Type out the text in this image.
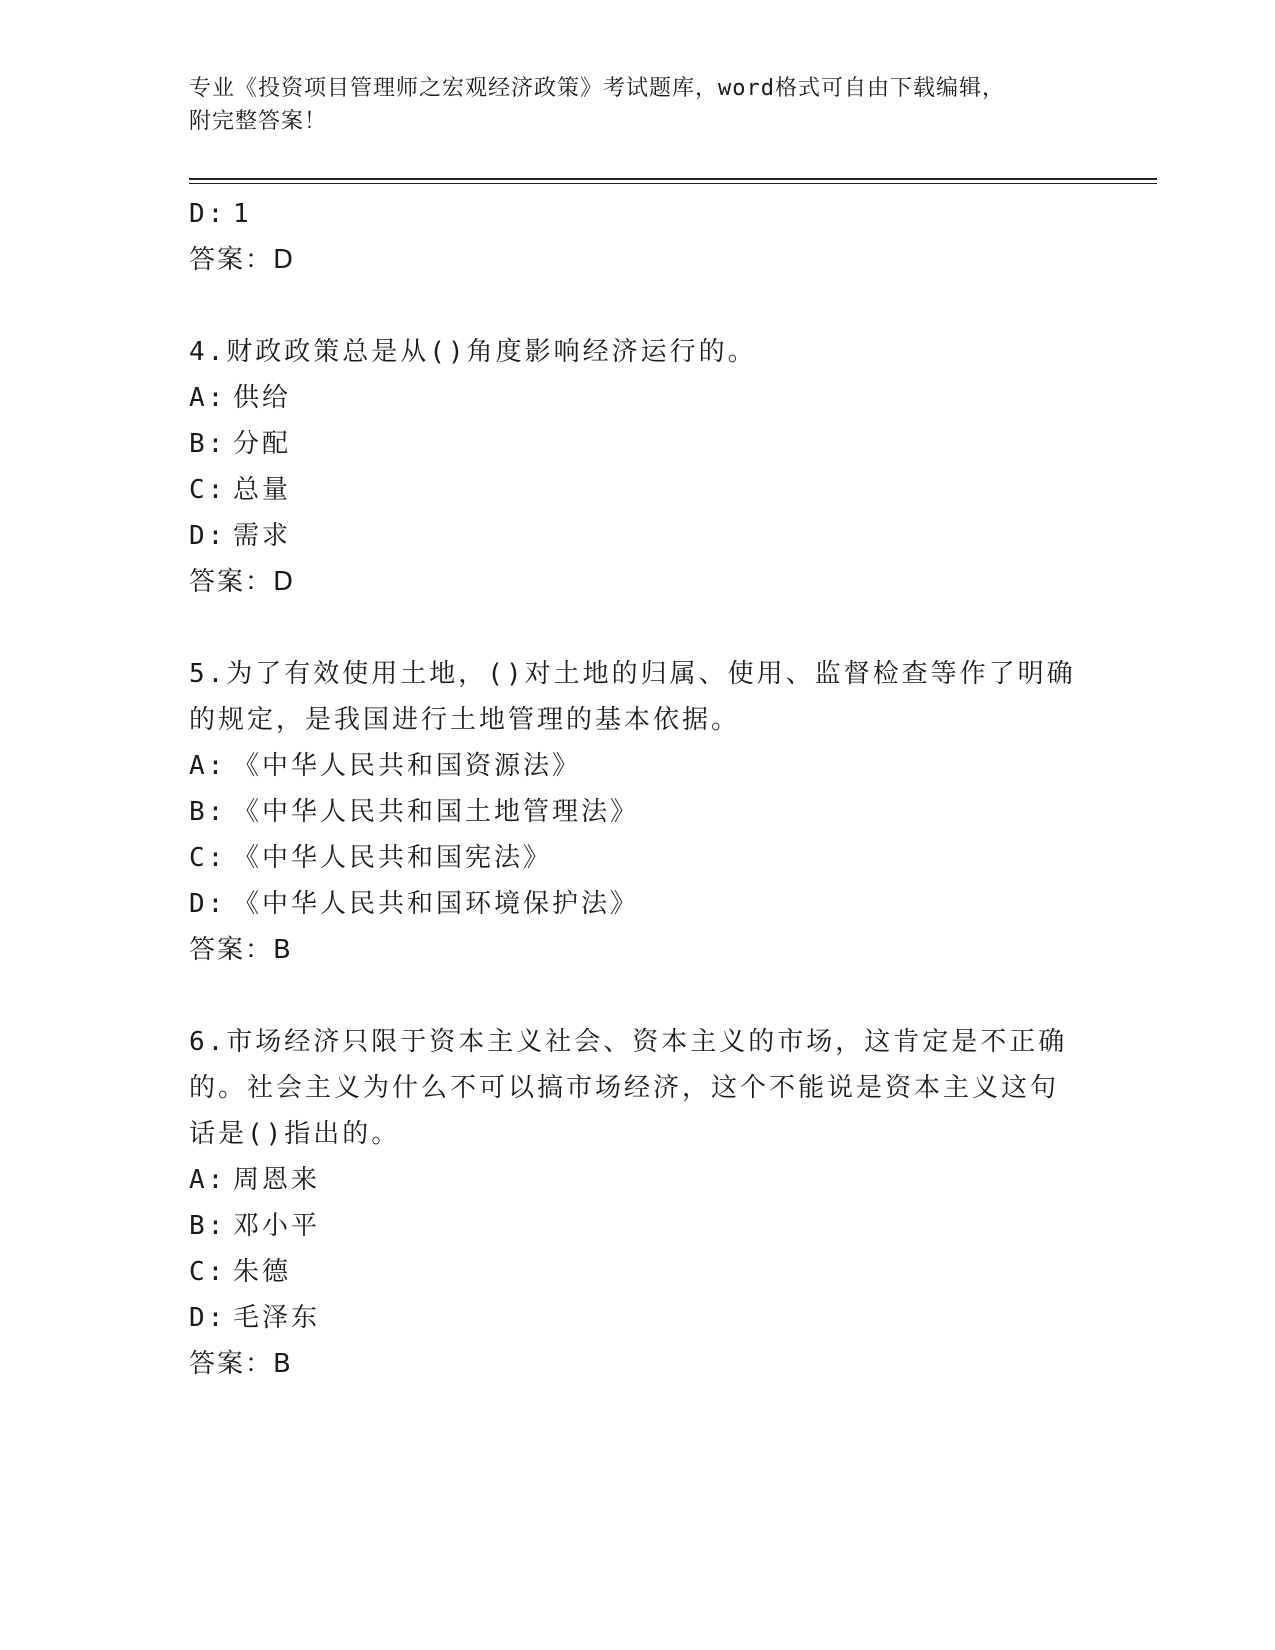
专业《投资项目管理师之宏观经济政策》考试题库，word格式可自由下载编辑，
附完整答案！
D: 1
答案：D
4.财政政策总是从()角度影响经济运行的。
A: 供给
B: 分配
C: 总量
D: 需求
答案：D
5.为了有效使用土地，()对土地的归属、使用、监督检查等作了明确
的规定，是我国进行土地管理的基本依据。
A: 《中华人民共和国资源法》
B: 《中华人民共和国土地管理法》
C: 《中华人民共和国宪法》
D: 《中华人民共和国环境保护法》
答案：B
6.市场经济只限于资本主义社会、资本主义的市场，这肯定是不正确
的。社会主义为什么不可以搞市场经济，这个不能说是资本主义这句
话是()指出的。
A: 周恩来
B: 邓小平
C: 朱德
D: 毛泽东
答案：B
